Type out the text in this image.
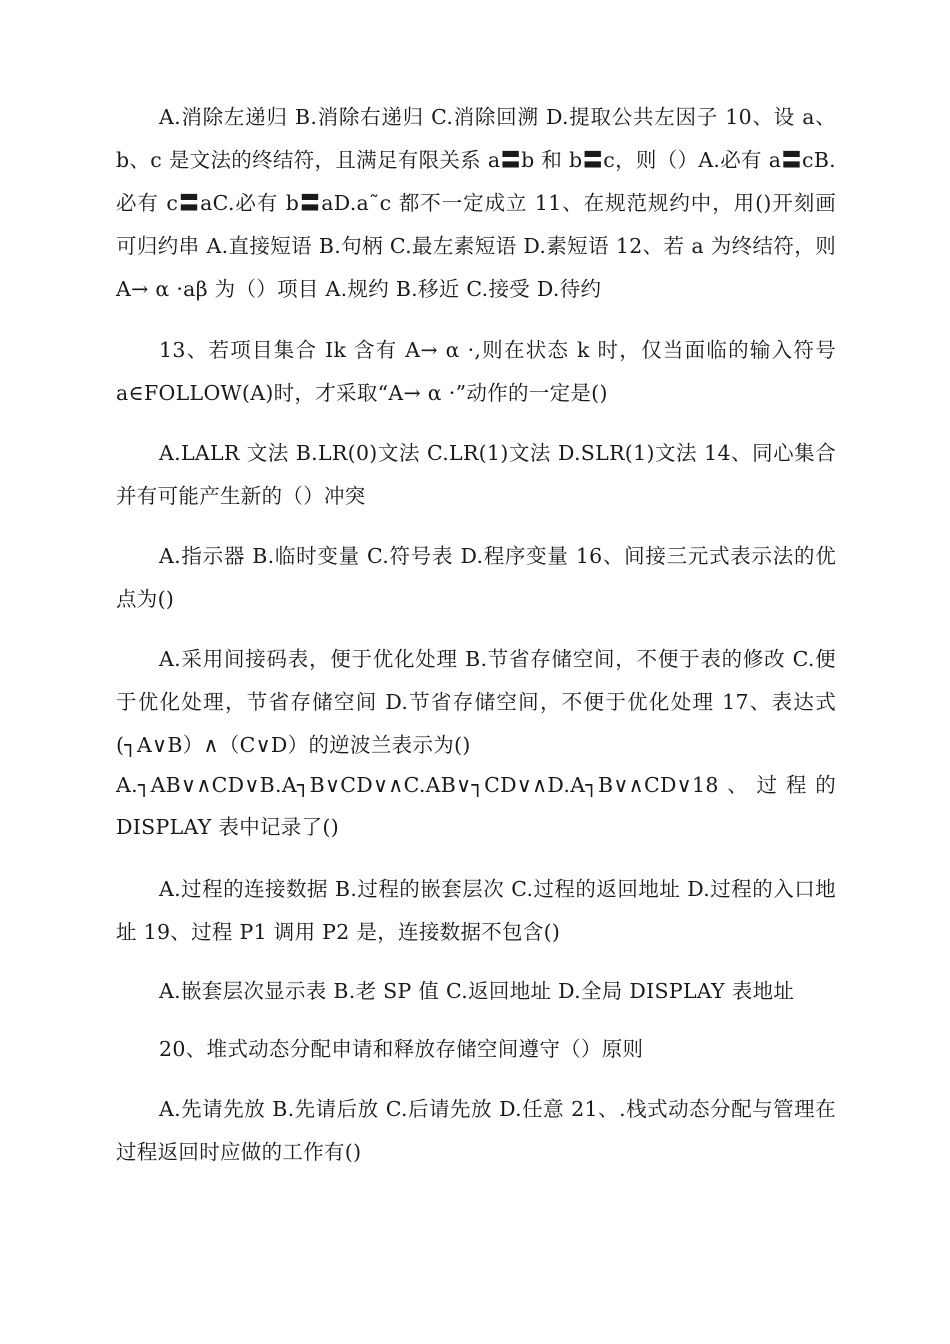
A.消除左递归 B.消除右递归 C.消除回溯 D.提取公共左因子 10、设 a、b、c 是文法的终结符，且满足有限关系 a〓b 和 b〓c，则（）A.必有 a〓cB.必有 c〓aC.必有 b〓aD.a˜c 都不一定成立 11、在规范规约中，用()开刻画可归约串 A.直接短语 B.句柄 C.最左素短语 D.素短语 12、若 a 为终结符，则 A→ α ·aβ 为（）项目 A.规约 B.移近 C.接受 D.待约

13、若项目集合 Ik 含有 A→ α ·,则在状态 k 时，仅当面临的输入符号 a∈FOLLOW(A)时，才采取“A→ α ·”动作的一定是()

A.LALR 文法 B.LR(0)文法 C.LR(1)文法 D.SLR(1)文法 14、同心集合并有可能产生新的（）冲突

A.指示器 B.临时变量 C.符号表 D.程序变量 16、间接三元式表示法的优点为()

A.采用间接码表，便于优化处理 B.节省存储空间，不便于表的修改 C.便于优化处理，节省存储空间 D.节省存储空间，不便于优化处理 17、表达式(┐A∨B）∧（C∨D）的逆波兰表示为()

A.┐AB∨∧CD∨B.A┐B∨CD∨∧C.AB∨┐CD∨∧D.A┐B∨∧CD∨18、过程的 DISPLAY 表中记录了()

A.过程的连接数据 B.过程的嵌套层次 C.过程的返回地址 D.过程的入口地址 19、过程 P1 调用 P2 是，连接数据不包含()

A.嵌套层次显示表 B.老 SP 值 C.返回地址 D.全局 DISPLAY 表地址

20、堆式动态分配申请和释放存储空间遵守（）原则

A.先请先放 B.先请后放 C.后请先放 D.任意 21、.栈式动态分配与管理在过程返回时应做的工作有()
